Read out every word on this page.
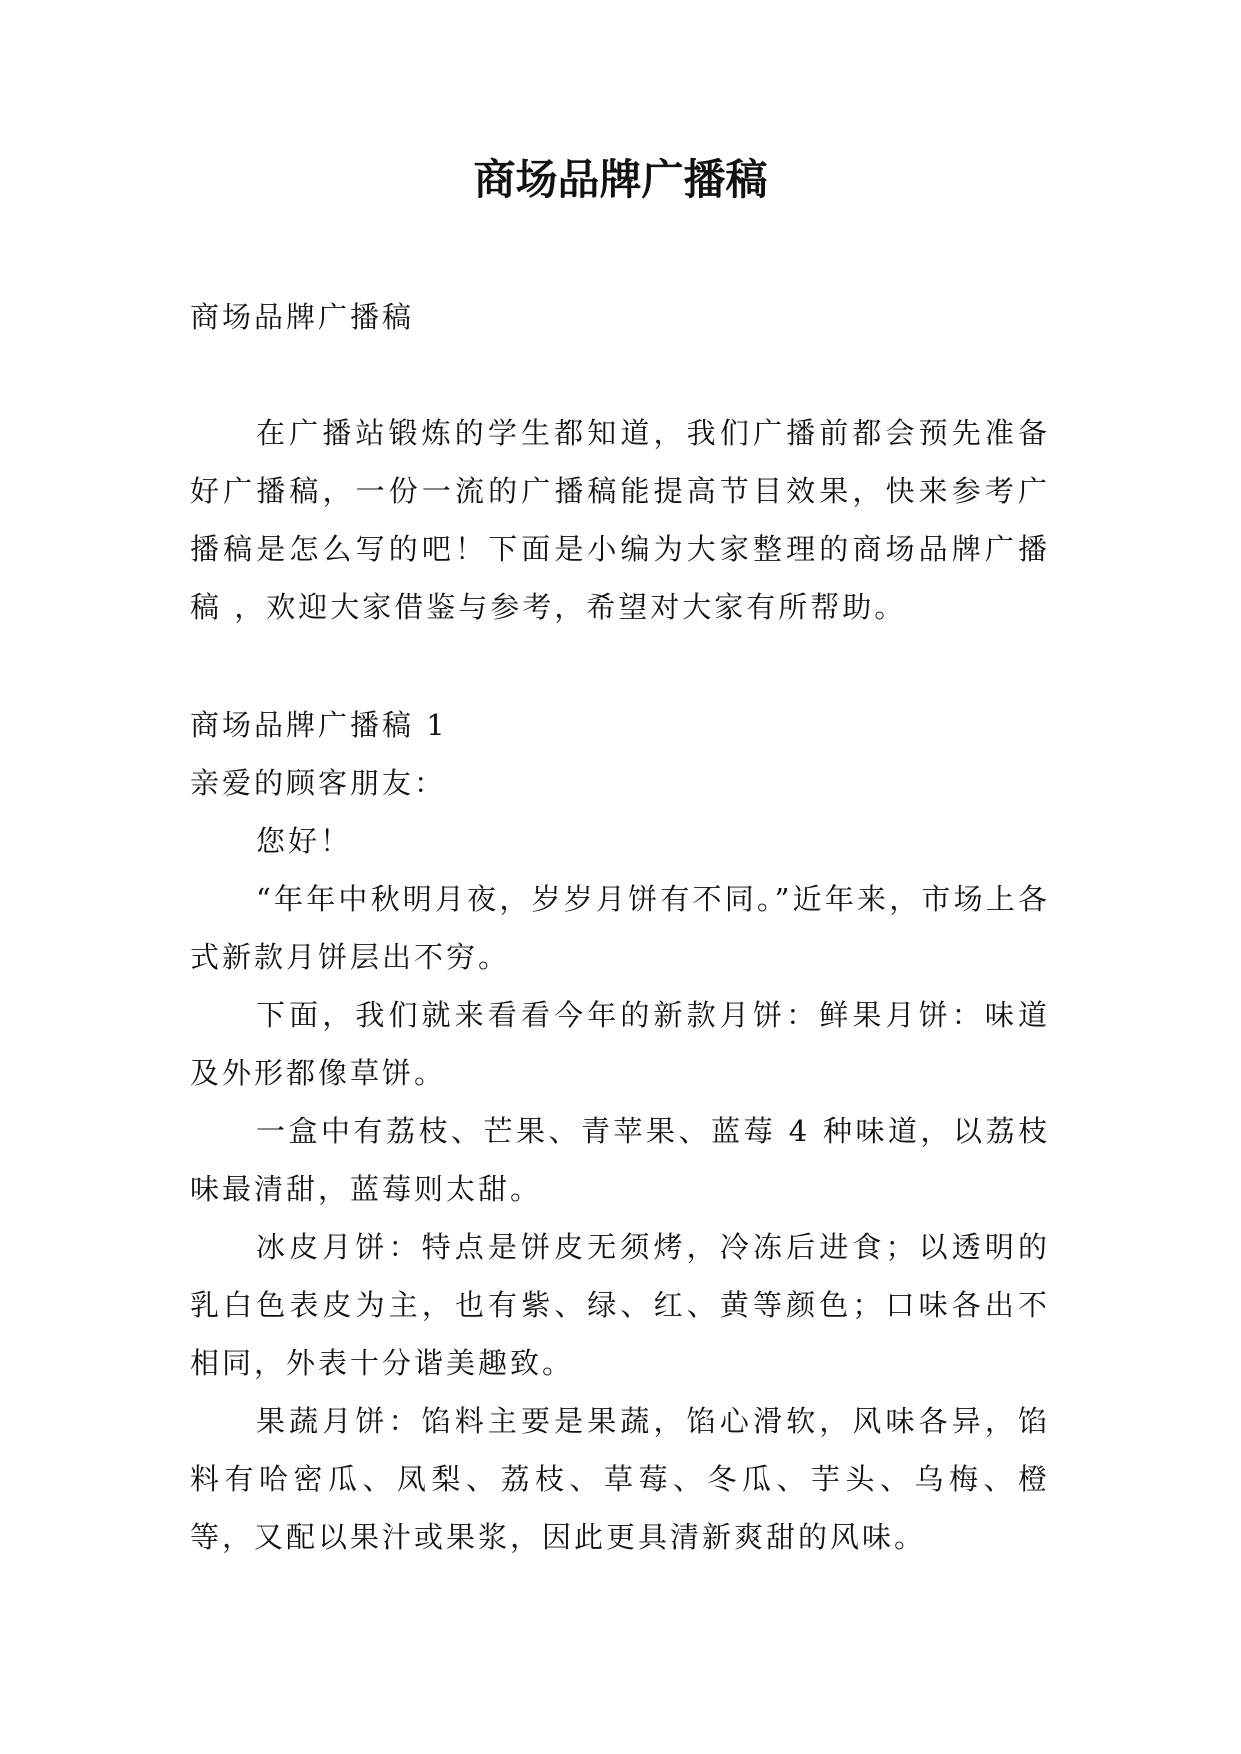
商场品牌广播稿

商场品牌广播稿

在广播站锻炼的学生都知道，我们广播前都会预先准备好广播稿，一份一流的广播稿能提高节目效果，快来参考广播稿是怎么写的吧！下面是小编为大家整理的商场品牌广播稿 ，欢迎大家借鉴与参考，希望对大家有所帮助。

商场品牌广播稿 1

亲爱的顾客朋友：

您好！

“年年中秋明月夜，岁岁月饼有不同。”近年来，市场上各式新款月饼层出不穷。

下面，我们就来看看今年的新款月饼：鲜果月饼：味道及外形都像草饼。

一盒中有荔枝、芒果、青苹果、蓝莓 4 种味道，以荔枝味最清甜，蓝莓则太甜。

冰皮月饼：特点是饼皮无须烤，冷冻后进食；以透明的乳白色表皮为主，也有紫、绿、红、黄等颜色；口味各出不相同，外表十分谐美趣致。

果蔬月饼：馅料主要是果蔬，馅心滑软，风味各异，馅料有哈密瓜、凤梨、荔枝、草莓、冬瓜、芋头、乌梅、橙等，又配以果汁或果浆，因此更具清新爽甜的风味。
